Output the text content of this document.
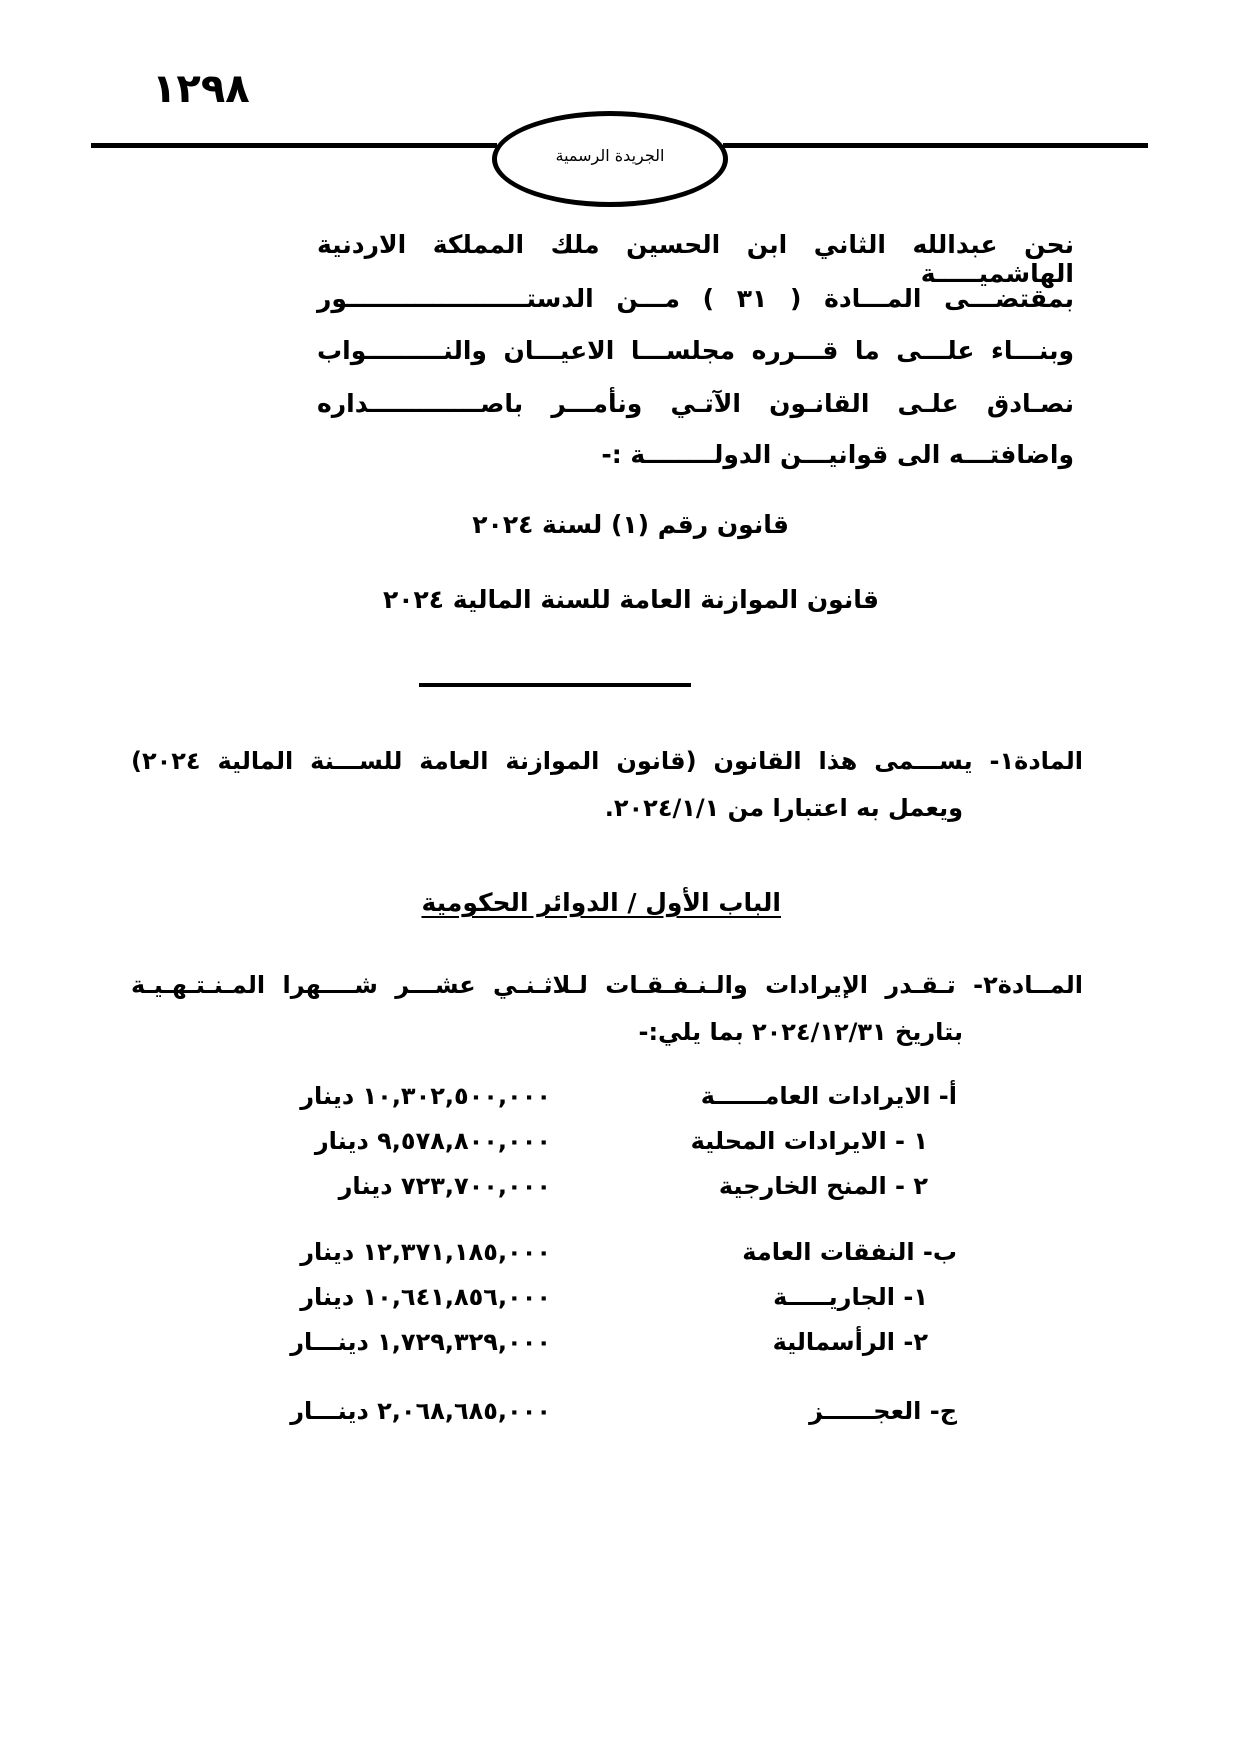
١٢٩٨
الجريدة الرسمية
نحن عبدالله الثاني ابن الحسين ملك المملكة الاردنية الهاشميـــــة
بمقتضـــى المـــادة ( ٣١ ) مـــن الدستـــــــــــــــــــــور
وبنـــاء علـــى ما قـــرره مجلســـا الاعيـــان والنـــــــــواب
نصـادق علـى القانـون الآتـي ونأمـــر باصـــــــــــــداره
واضافتـــه الى قوانيـــن الدولــــــــة :-
قانون رقم (١) لسنة ٢٠٢٤
قانون الموازنة العامة للسنة المالية ٢٠٢٤
المادة١- يســـمى هذا القانون (قانون الموازنة العامة للســـنة المالية ٢٠٢٤)
ويعمل به اعتبارا من ٢٠٢٤/١/١.
الباب الأول / الدوائر الحكومية
المــادة٢- تـقـدر الإيرادات والـنـفـقـات لـلاثـنـي عشـــر شــــهرا المـنـتـهـيـة
بتاريخ ٢٠٢٤/١٢/٣١ بما يلي:-
أ- الايرادات العامــــــة
١٠,٣٠٢,٥٠٠,٠٠٠ دينار
١ - الايرادات المحلية
٩,٥٧٨,٨٠٠,٠٠٠ دينار
٢ - المنح الخارجية
٧٢٣,٧٠٠,٠٠٠ دينار
ب- النفقات العامة
١٢,٣٧١,١٨٥,٠٠٠ دينار
١- الجاريـــــة
١٠,٦٤١,٨٥٦,٠٠٠ دينار
٢- الرأسمالية
١,٧٢٩,٣٢٩,٠٠٠ دينـــار
ج- العجــــــز
٢,٠٦٨,٦٨٥,٠٠٠ دينـــار
